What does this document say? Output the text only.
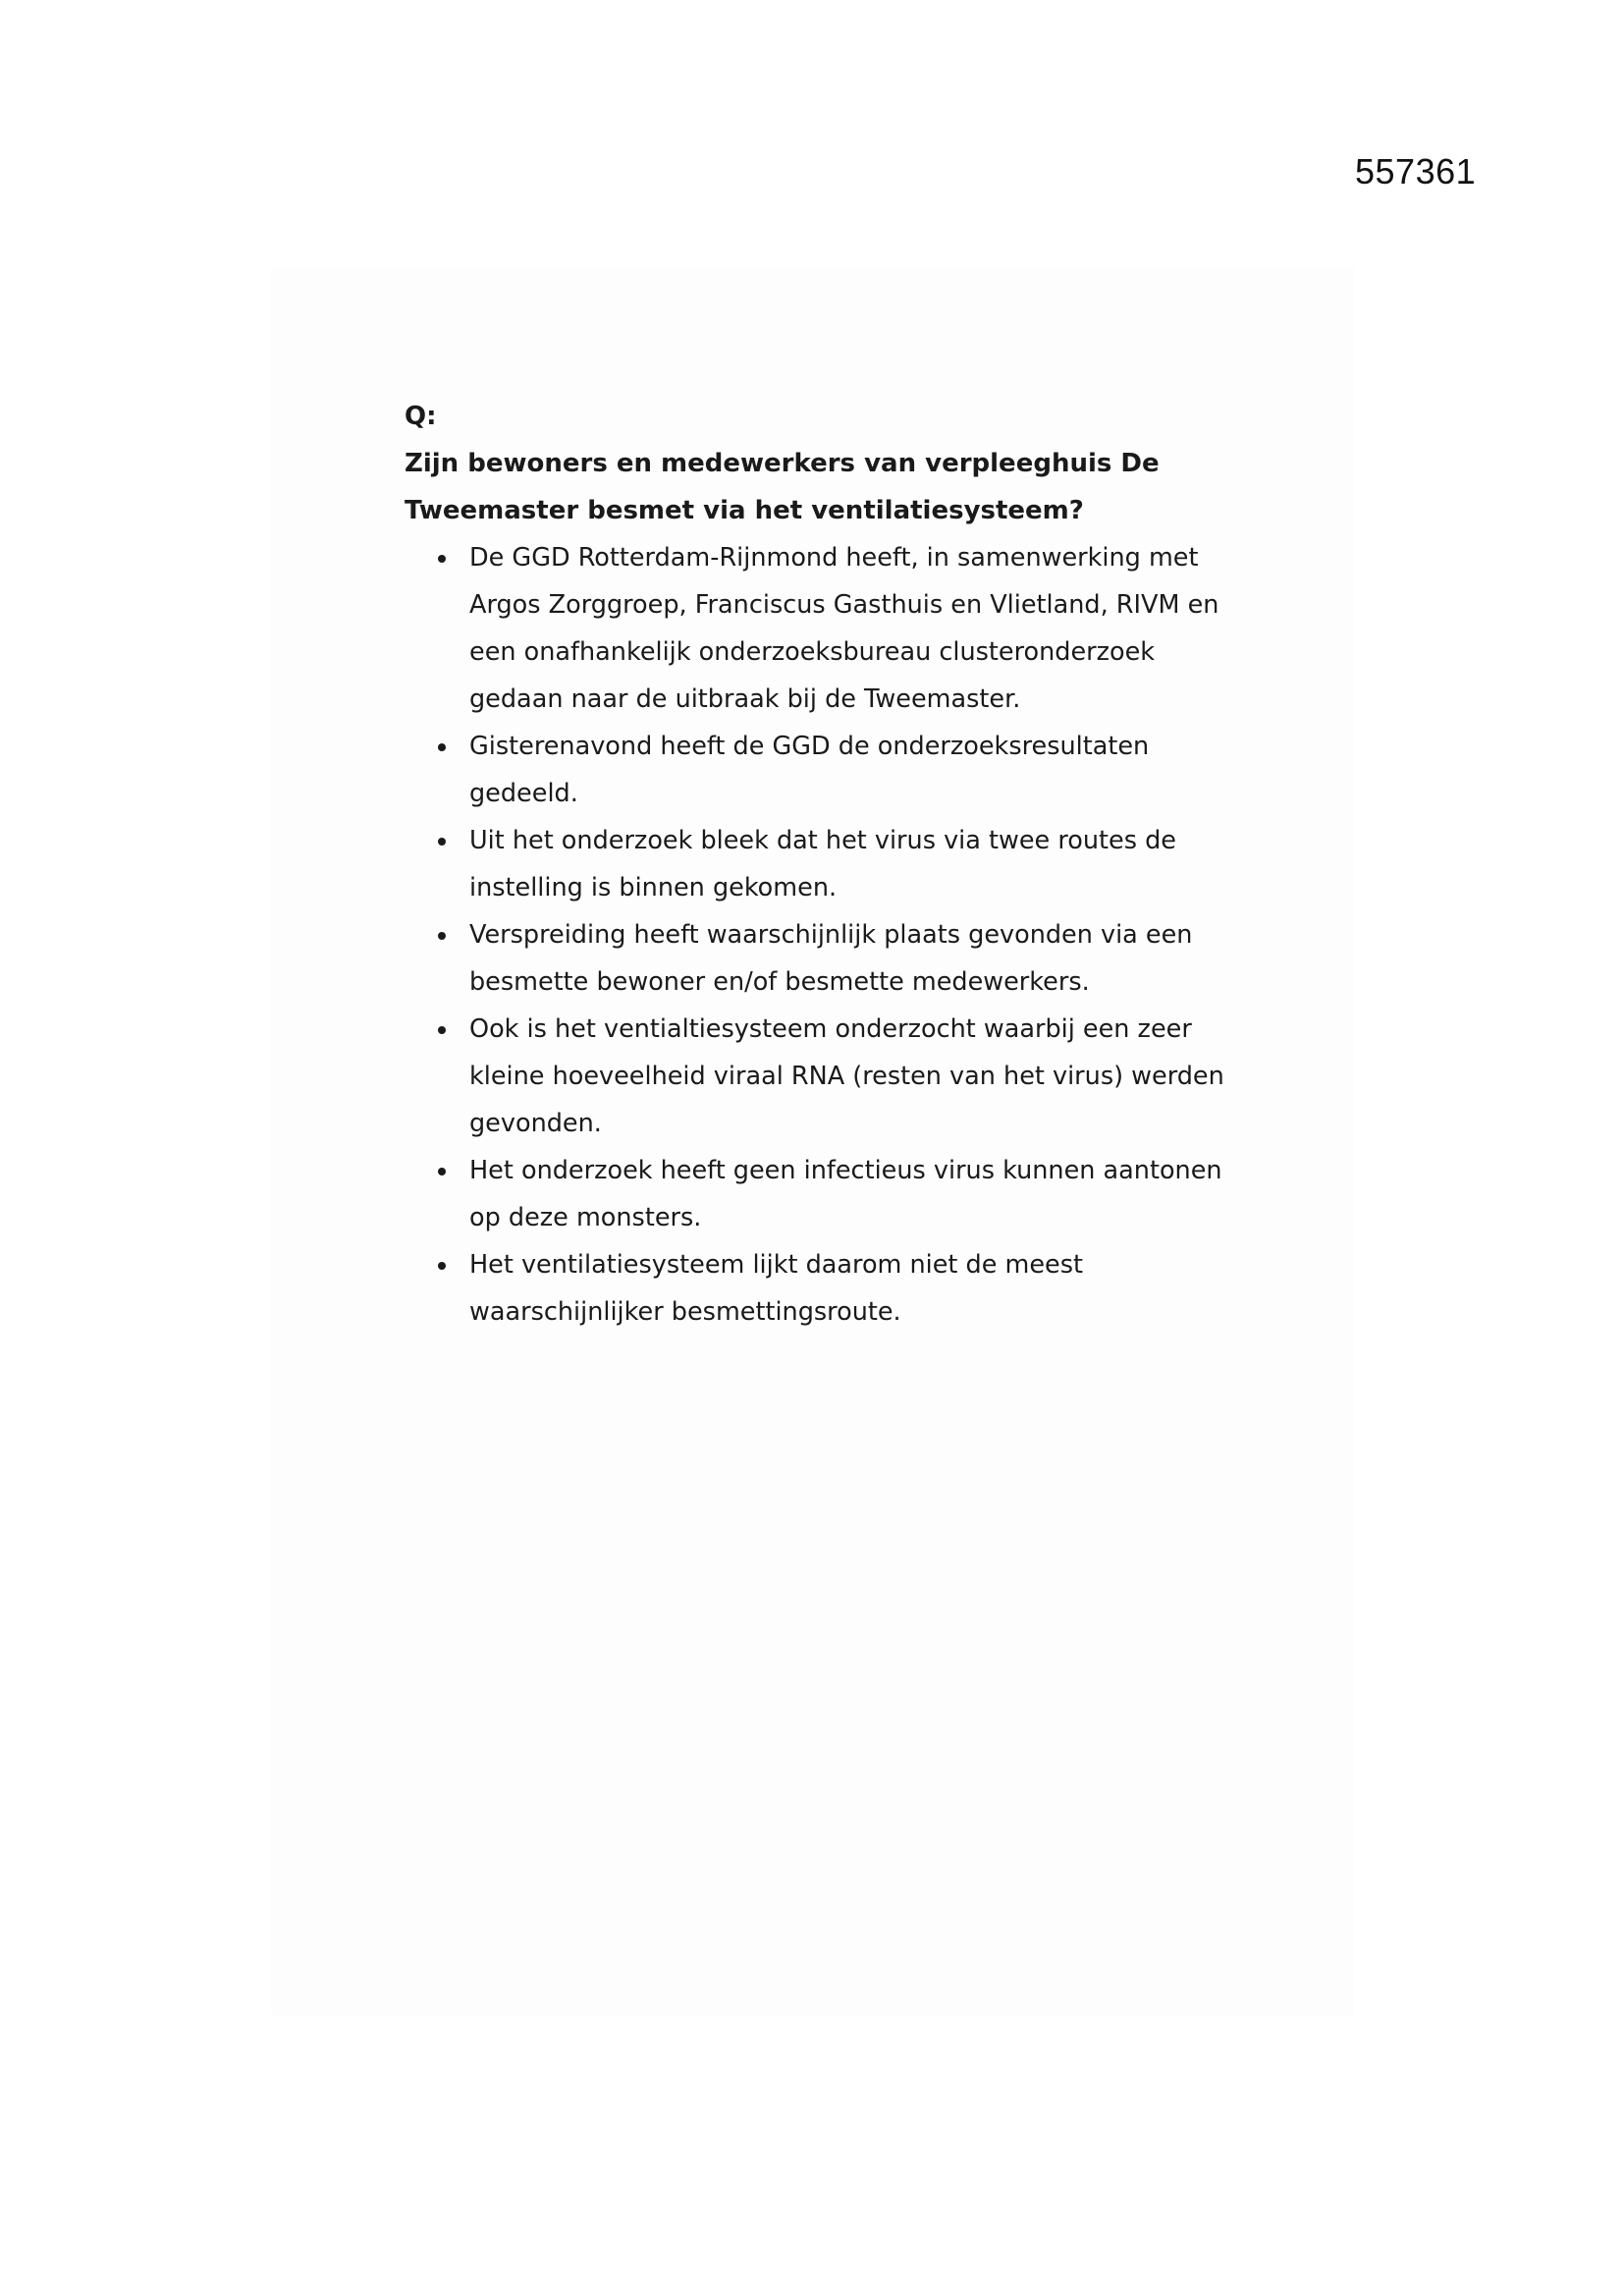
557361

Q:

Zijn bewoners en medewerkers van verpleeghuis De Tweemaster besmet via het ventilatiesysteem?

De GGD Rotterdam-Rijnmond heeft, in samenwerking met Argos Zorggroep, Franciscus Gasthuis en Vlietland, RIVM en een onafhankelijk onderzoeksbureau clusteronderzoek gedaan naar de uitbraak bij de Tweemaster.
Gisterenavond heeft de GGD de onderzoeksresultaten gedeeld.
Uit het onderzoek bleek dat het virus via twee routes de instelling is binnen gekomen.
Verspreiding heeft waarschijnlijk plaats gevonden via een besmette bewoner en/of besmette medewerkers.
Ook is het ventialtiesysteem onderzocht waarbij een zeer kleine hoeveelheid viraal RNA (resten van het virus) werden gevonden.
Het onderzoek heeft geen infectieus virus kunnen aantonen op deze monsters.
Het ventilatiesysteem lijkt daarom niet de meest waarschijnlijker besmettingsroute.
